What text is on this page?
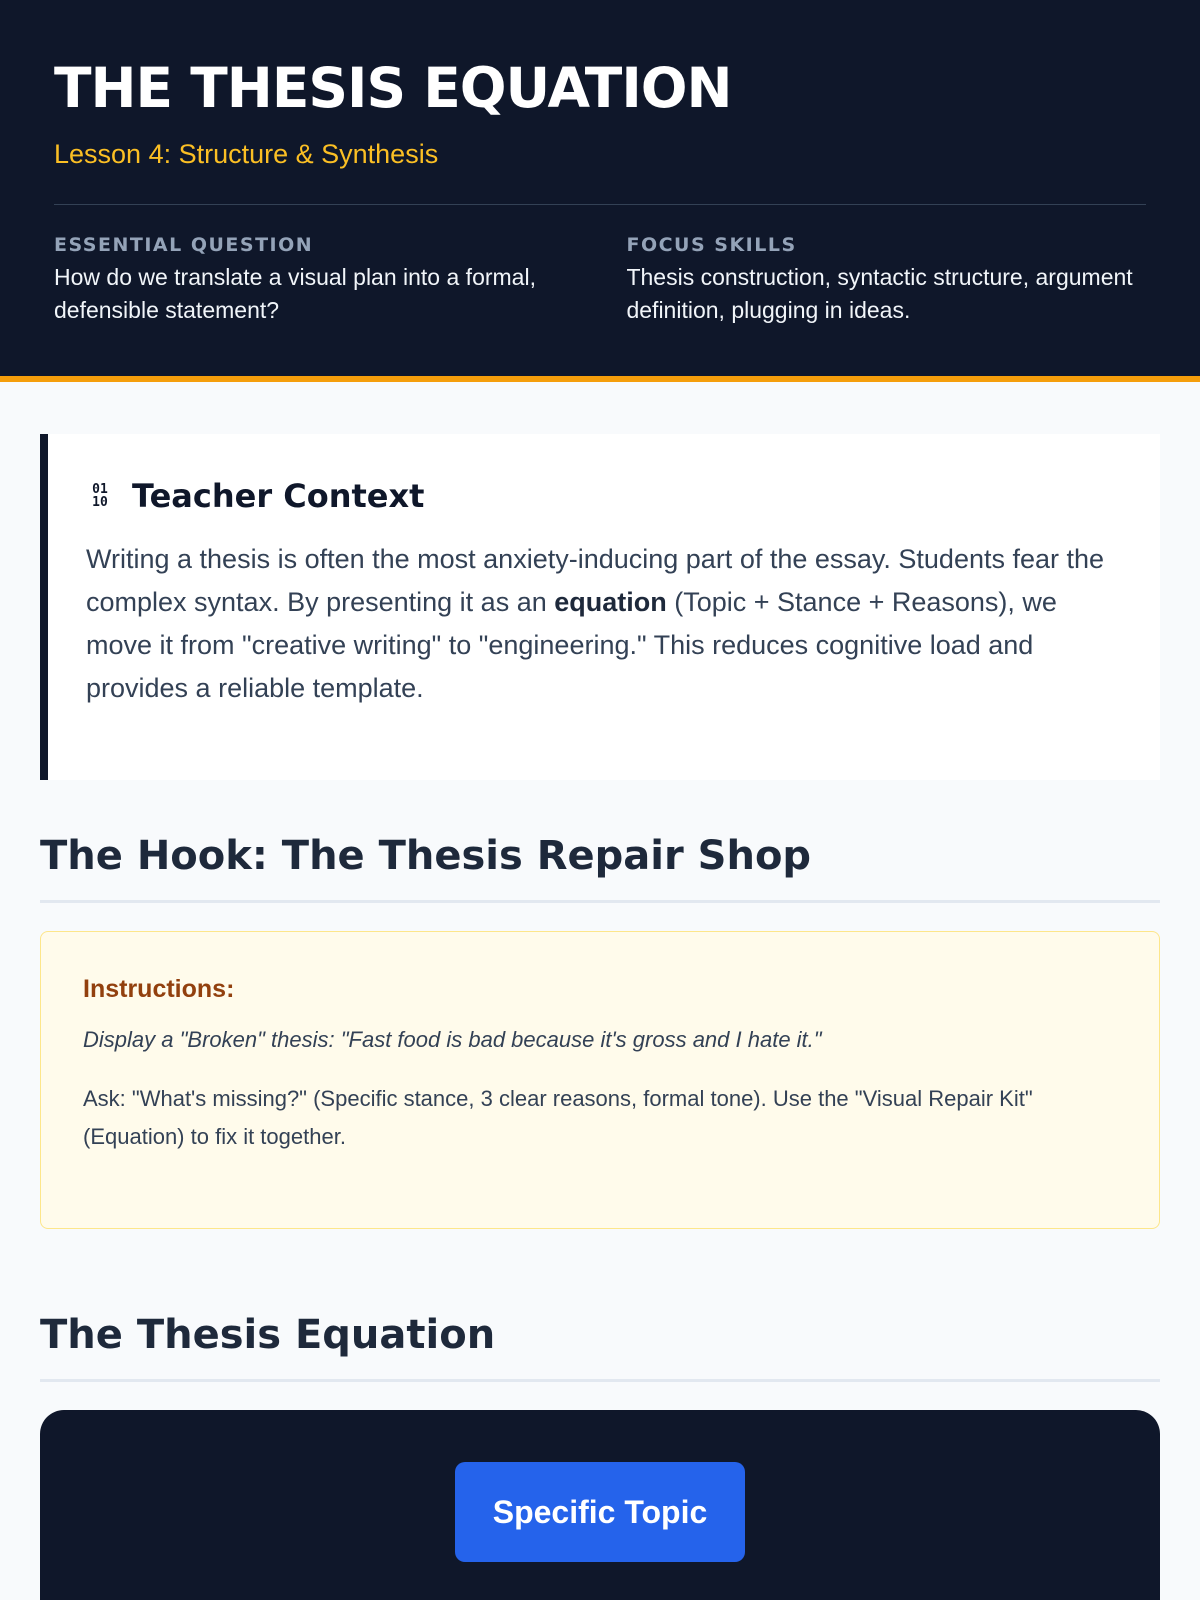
THE THESIS EQUATION
Lesson 4: Structure & Synthesis
ESSENTIAL QUESTION
How do we translate a visual plan into a formal, defensible statement?
FOCUS SKILLS
Thesis construction, syntactic structure, argument definition, plugging in ideas.
01
10 Teacher Context

Writing a thesis is often the most anxiety-inducing part of the essay. Students fear the complex syntax. By presenting it as an equation (Topic + Stance + Reasons), we move it from "creative writing" to "engineering." This reduces cognitive load and provides a reliable template.

The Hook: The Thesis Repair Shop
Instructions:

Display a "Broken" thesis: "Fast food is bad because it's gross and I hate it."

Ask: "What's missing?" (Specific stance, 3 clear reasons, formal tone). Use the "Visual Repair Kit" (Equation) to fix it together.

The Thesis Equation
Specific Topic
